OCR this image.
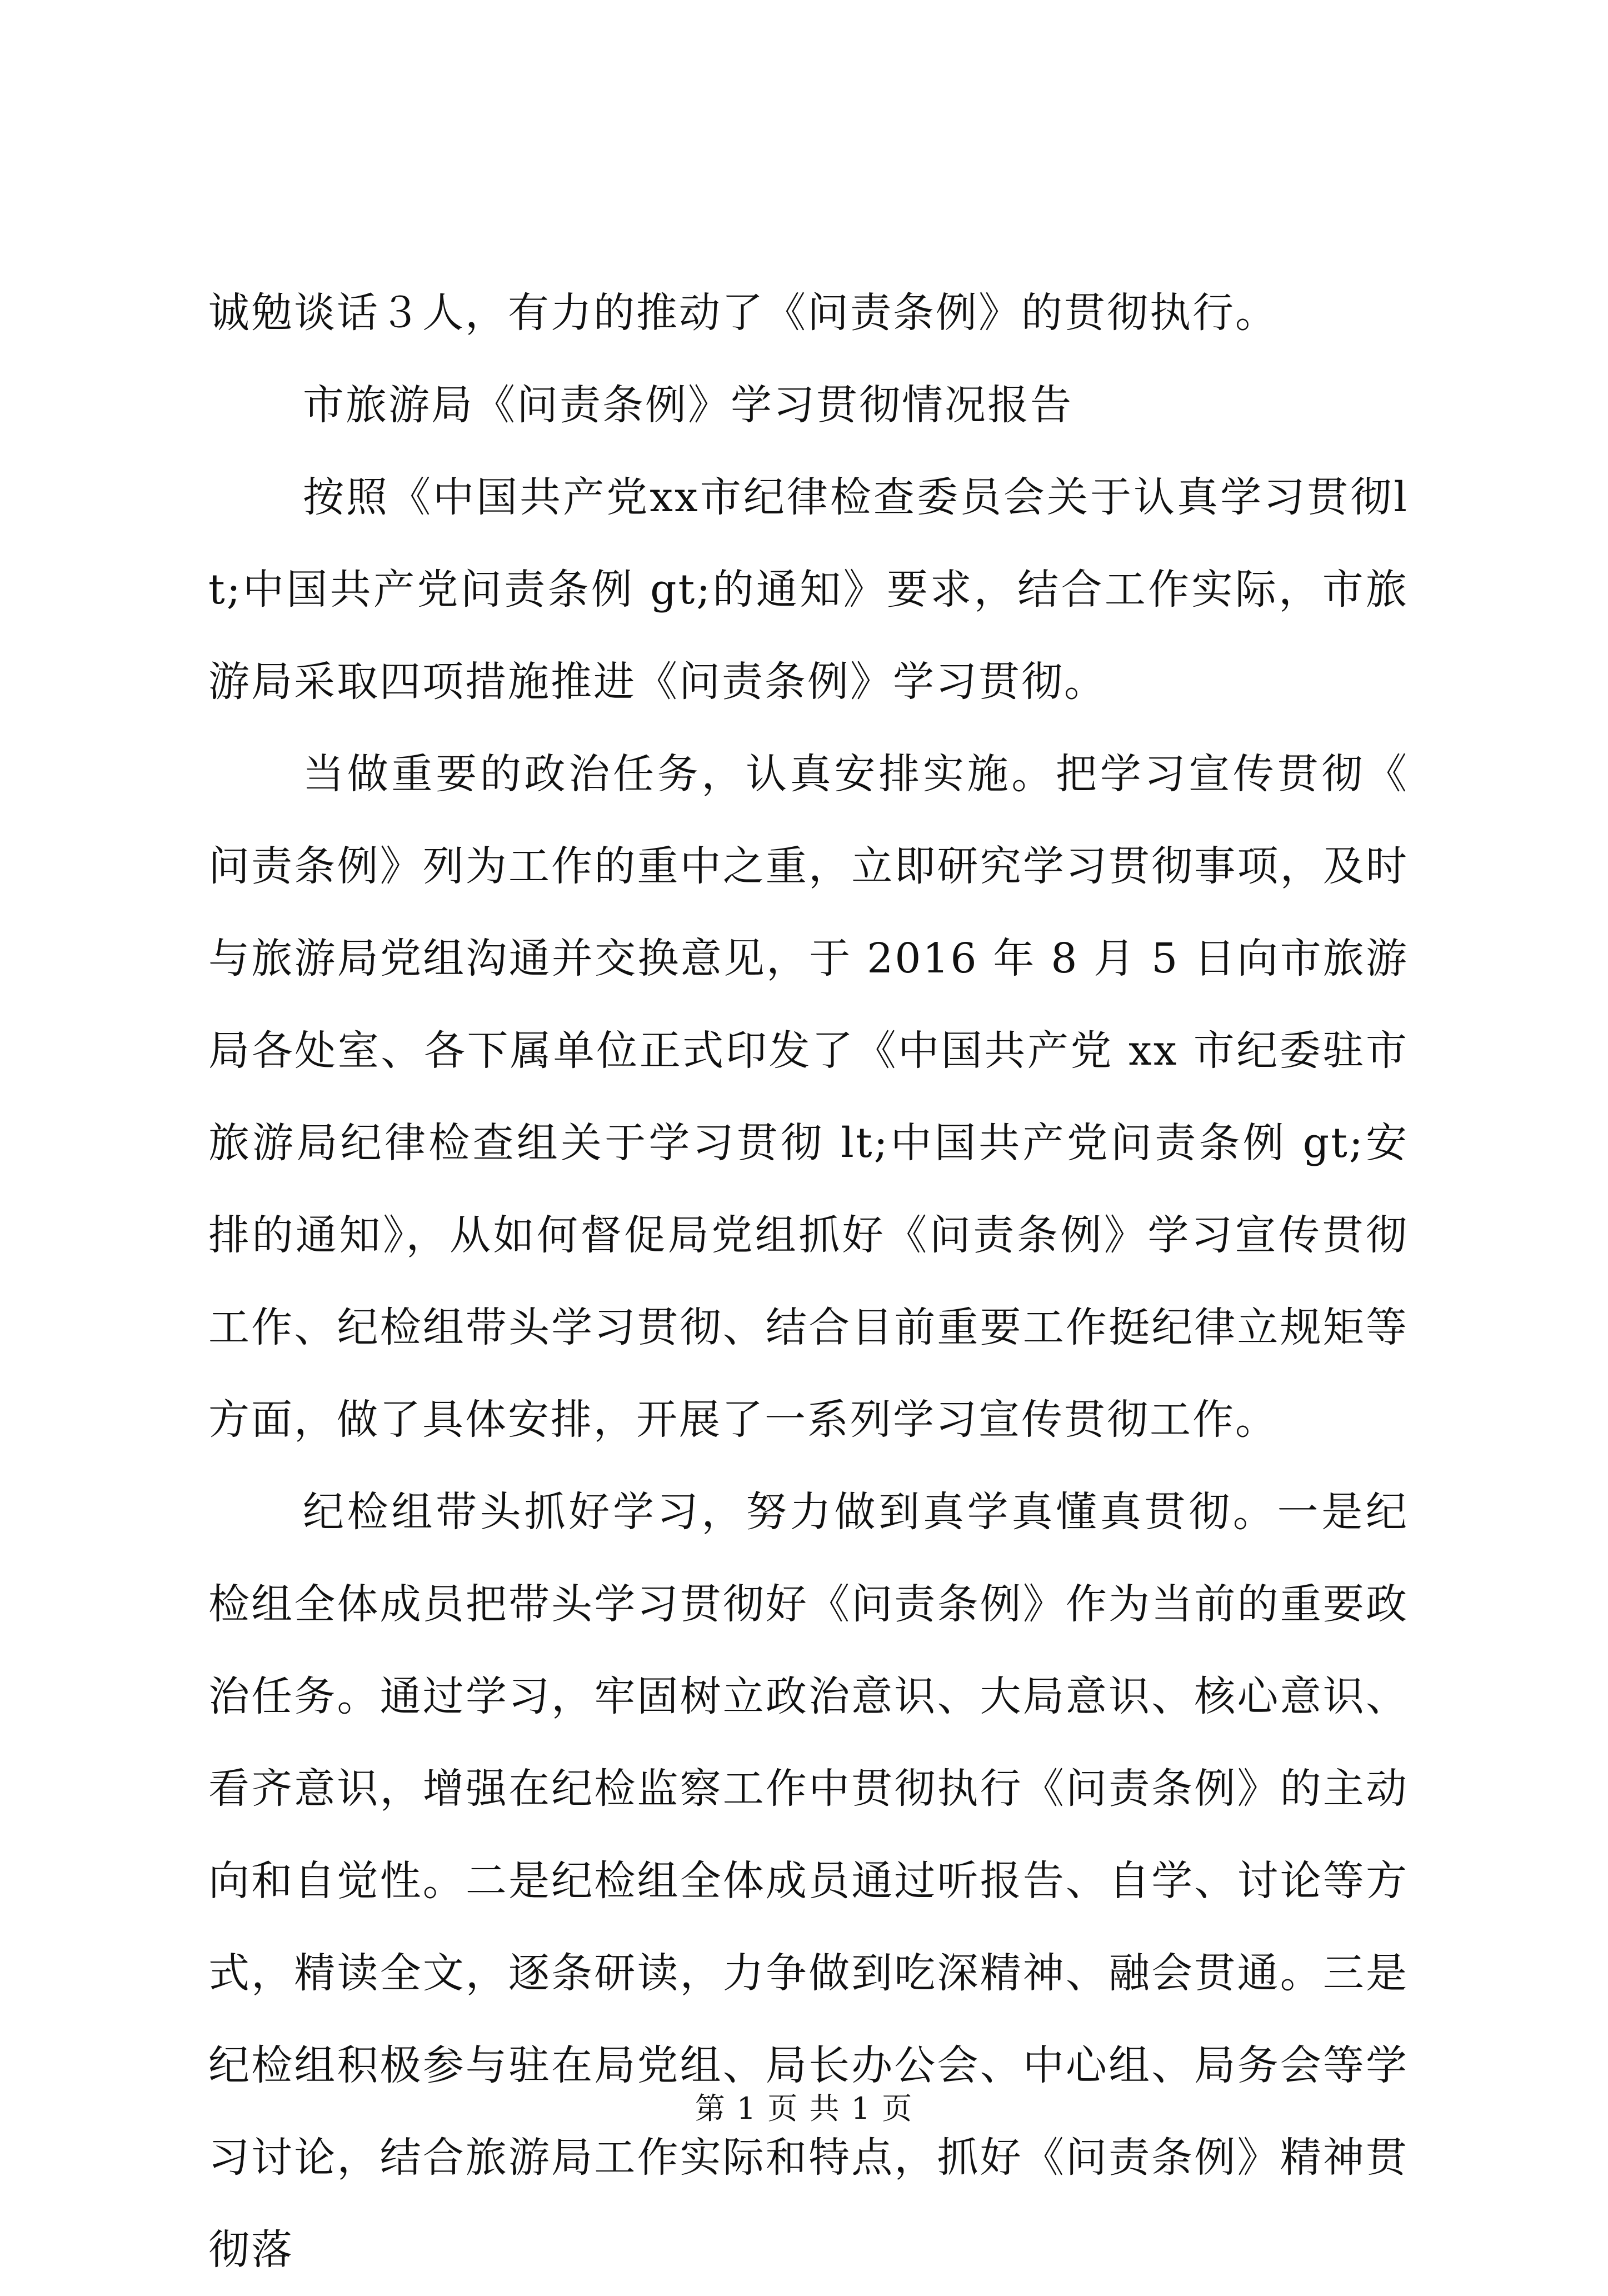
诚勉谈话３人，有力的推动了《问责条例》的贯彻执行。

市旅游局《问责条例》学习贯彻情况报告

按照《中国共产党xx市纪律检查委员会关于认真学习贯彻lt;中国共产党问责条例 gt;的通知》要求，结合工作实际，市旅游局采取四项措施推进《问责条例》学习贯彻。

当做重要的政治任务，认真安排实施。把学习宣传贯彻《问责条例》列为工作的重中之重，立即研究学习贯彻事项，及时与旅游局党组沟通并交换意见，于 2016 年 8 月 5 日向市旅游局各处室、各下属单位正式印发了《中国共产党 xx 市纪委驻市旅游局纪律检查组关于学习贯彻 lt;中国共产党问责条例 gt;安排的通知》，从如何督促局党组抓好《问责条例》学习宣传贯彻工作、纪检组带头学习贯彻、结合目前重要工作挺纪律立规矩等方面，做了具体安排，开展了一系列学习宣传贯彻工作。

纪检组带头抓好学习，努力做到真学真懂真贯彻。一是纪检组全体成员把带头学习贯彻好《问责条例》作为当前的重要政治任务。通过学习，牢固树立政治意识、大局意识、核心意识、看齐意识，增强在纪检监察工作中贯彻执行《问责条例》的主动向和自觉性。二是纪检组全体成员通过听报告、自学、讨论等方式，精读全文，逐条研读，力争做到吃深精神、融会贯通。三是纪检组积极参与驻在局党组、局长办公会、中心组、局务会等学习讨论，结合旅游局工作实际和特点，抓好《问责条例》精神贯彻落

第 1 页 共 1 页
